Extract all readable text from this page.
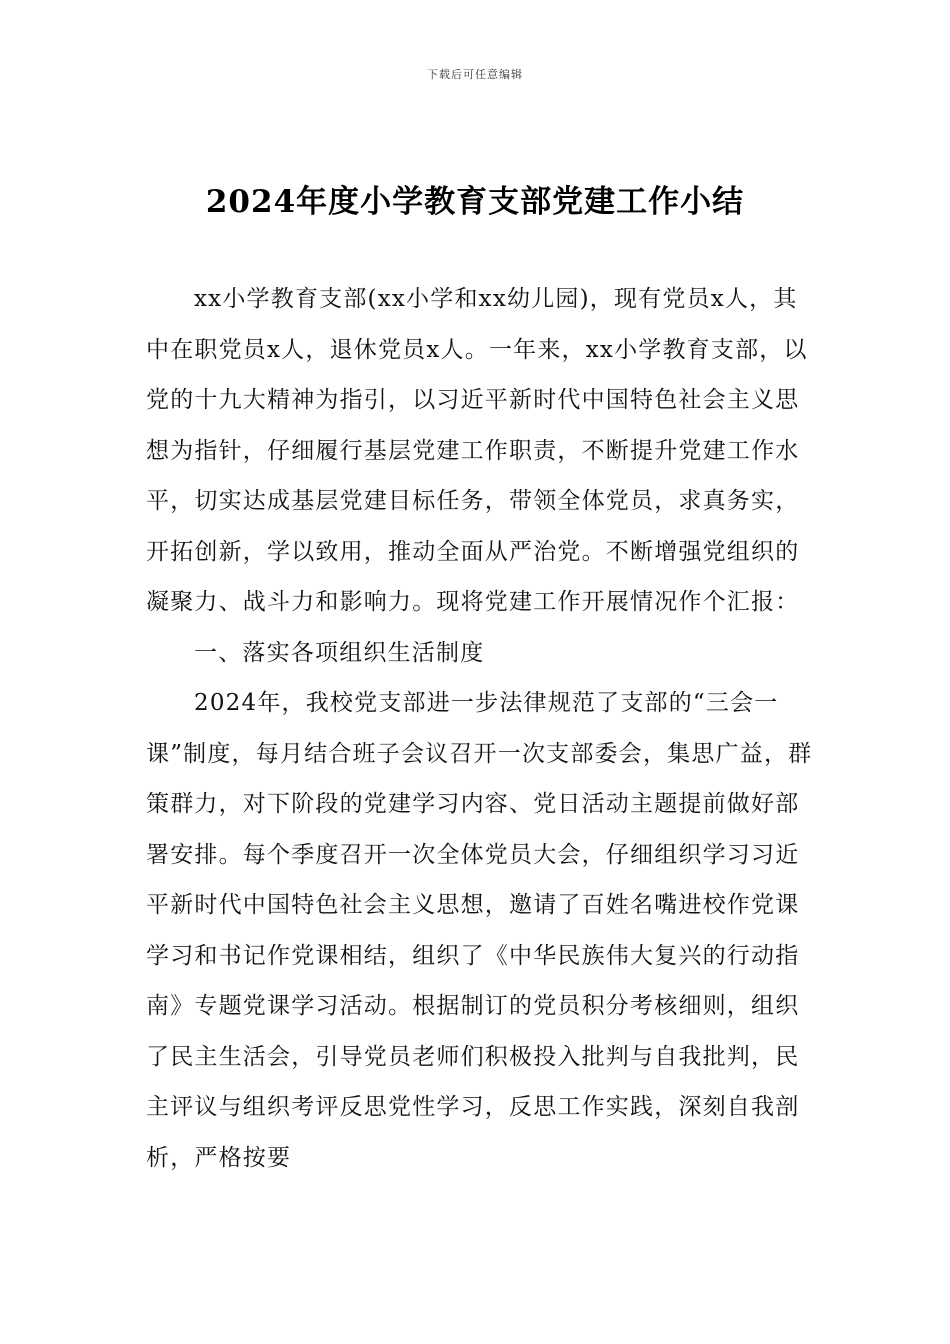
下载后可任意编辑
2024年度小学教育支部党建工作小结

xx小学教育支部(xx小学和xx幼儿园)，现有党员x人，其中在职党员x人，退休党员x人。一年来，xx小学教育支部，以党的十九大精神为指引，以习近平新时代中国特色社会主义思想为指针，仔细履行基层党建工作职责，不断提升党建工作水平，切实达成基层党建目标任务，带领全体党员，求真务实，开拓创新，学以致用，推动全面从严治党。不断增强党组织的凝聚力、战斗力和影响力。现将党建工作开展情况作个汇报：

一、落实各项组织生活制度

2024年，我校党支部进一步法律规范了支部的“三会一课”制度，每月结合班子会议召开一次支部委会，集思广益，群策群力，对下阶段的党建学习内容、党日活动主题提前做好部署安排。每个季度召开一次全体党员大会，仔细组织学习习近平新时代中国特色社会主义思想，邀请了百姓名嘴进校作党课学习和书记作党课相结，组织了《中华民族伟大复兴的行动指南》专题党课学习活动。根据制订的党员积分考核细则，组织了民主生活会，引导党员老师们积极投入批判与自我批判，民主评议与组织考评反思党性学习，反思工作实践，深刻自我剖析，严格按要
